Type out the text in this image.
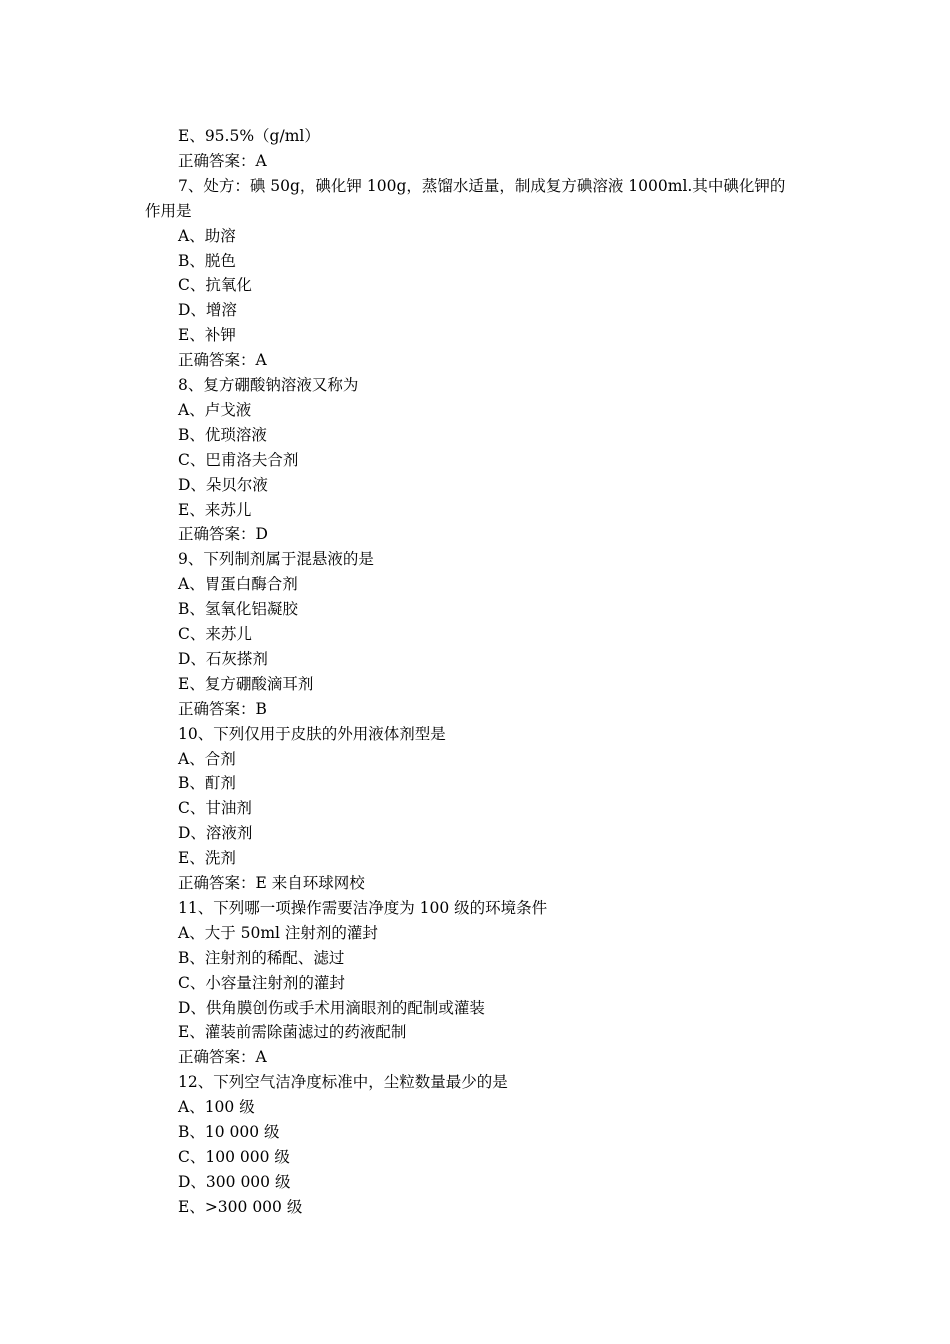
E、95.5%（g/ml）
正确答案：A
7、处方：碘 50g，碘化钾 100g，蒸馏水适量，制成复方碘溶液 1000ml.其中碘化钾的
作用是
A、助溶
B、脱色
C、抗氧化
D、增溶
E、补钾
正确答案：A
8、复方硼酸钠溶液又称为
A、卢戈液
B、优琐溶液
C、巴甫洛夫合剂
D、朵贝尔液
E、来苏儿
正确答案：D
9、下列制剂属于混悬液的是
A、胃蛋白酶合剂
B、氢氧化铝凝胶
C、来苏儿
D、石灰搽剂
E、复方硼酸滴耳剂
正确答案：B
10、下列仅用于皮肤的外用液体剂型是
A、合剂
B、酊剂
C、甘油剂
D、溶液剂
E、洗剂
正确答案：E 来自环球网校
11、下列哪一项操作需要洁净度为 100 级的环境条件
A、大于 50ml 注射剂的灌封
B、注射剂的稀配、滤过
C、小容量注射剂的灌封
D、供角膜创伤或手术用滴眼剂的配制或灌装
E、灌装前需除菌滤过的药液配制
正确答案：A
12、下列空气洁净度标准中，尘粒数量最少的是
A、100 级
B、10 000 级
C、100 000 级
D、300 000 级
E、>300 000 级
